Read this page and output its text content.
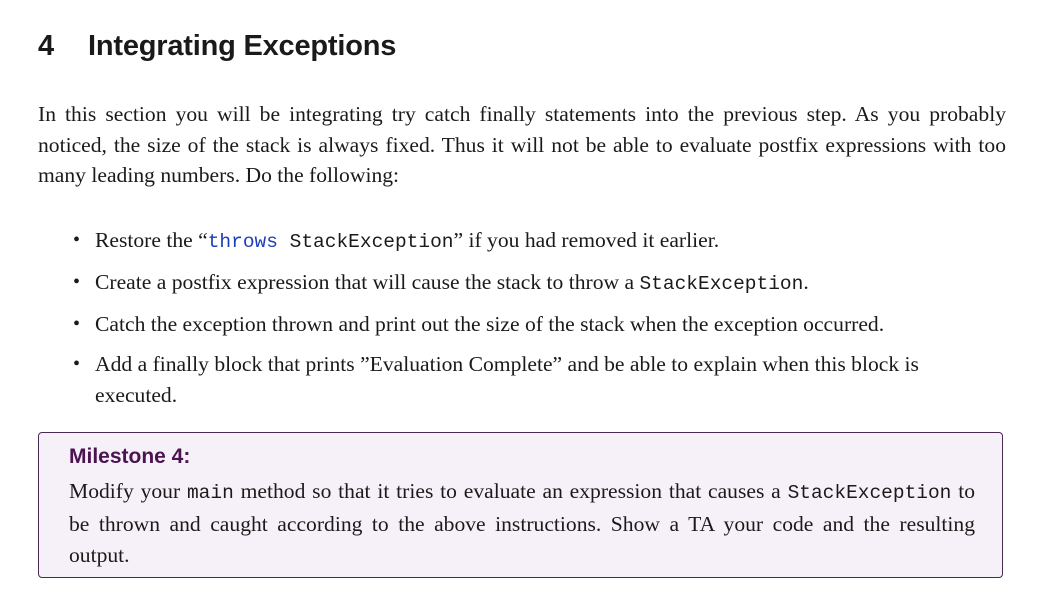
4 Integrating Exceptions

In this section you will be integrating try catch finally statements into the previous step. As you probably noticed, the size of the stack is always fixed. Thus it will not be able to evaluate postfix expressions with too many leading numbers. Do the following:

• Restore the “throws StackException” if you had removed it earlier.
• Create a postfix expression that will cause the stack to throw a StackException.
• Catch the exception thrown and print out the size of the stack when the exception occurred.
• Add a finally block that prints ”Evaluation Complete” and be able to explain when this block is executed.
Milestone 4:
Modify your main method so that it tries to evaluate an expression that causes a StackException to be thrown and caught according to the above instructions. Show a TA your code and the resulting output.
